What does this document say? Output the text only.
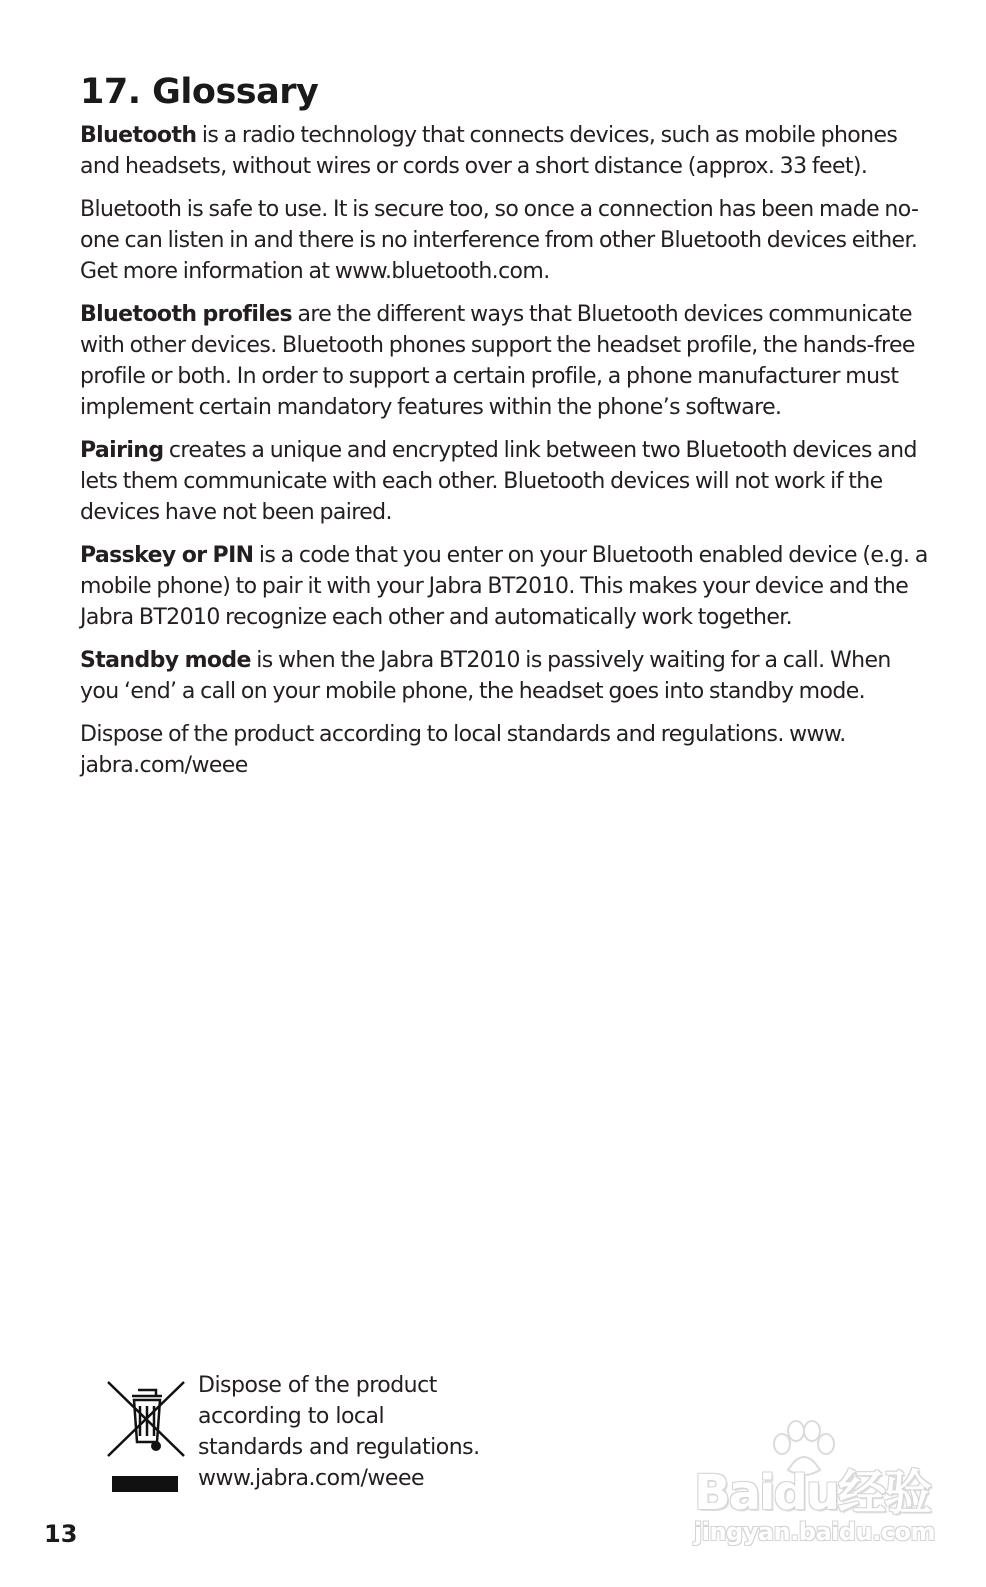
17. Glossary

Bluetooth is a radio technology that connects devices, such as mobile phones and headsets, without wires or cords over a short distance (approx. 33 feet).

Bluetooth is safe to use. It is secure too, so once a connection has been made no-one can listen in and there is no interference from other Bluetooth devices either. Get more information at www.bluetooth.com.

Bluetooth profiles are the different ways that Bluetooth devices communicate with other devices. Bluetooth phones support the headset profile, the hands-free profile or both. In order to support a certain profile, a phone manufacturer must implement certain mandatory features within the phone’s software.

Pairing creates a unique and encrypted link between two Bluetooth devices and lets them communicate with each other. Bluetooth devices will not work if the devices have not been paired.

Passkey or PIN is a code that you enter on your Bluetooth enabled device (e.g. a mobile phone) to pair it with your Jabra BT2010. This makes your device and the Jabra BT2010 recognize each other and automatically work together.

Standby mode is when the Jabra BT2010 is passively waiting for a call. When you ‘end’ a call on your mobile phone, the headset goes into standby mode.

Dispose of the product according to local standards and regulations. www. jabra.com/weee

Dispose of the product
according to local
standards and regulations.
www.jabra.com/weee
13
Baidu经验
jingyan.baidu.com
